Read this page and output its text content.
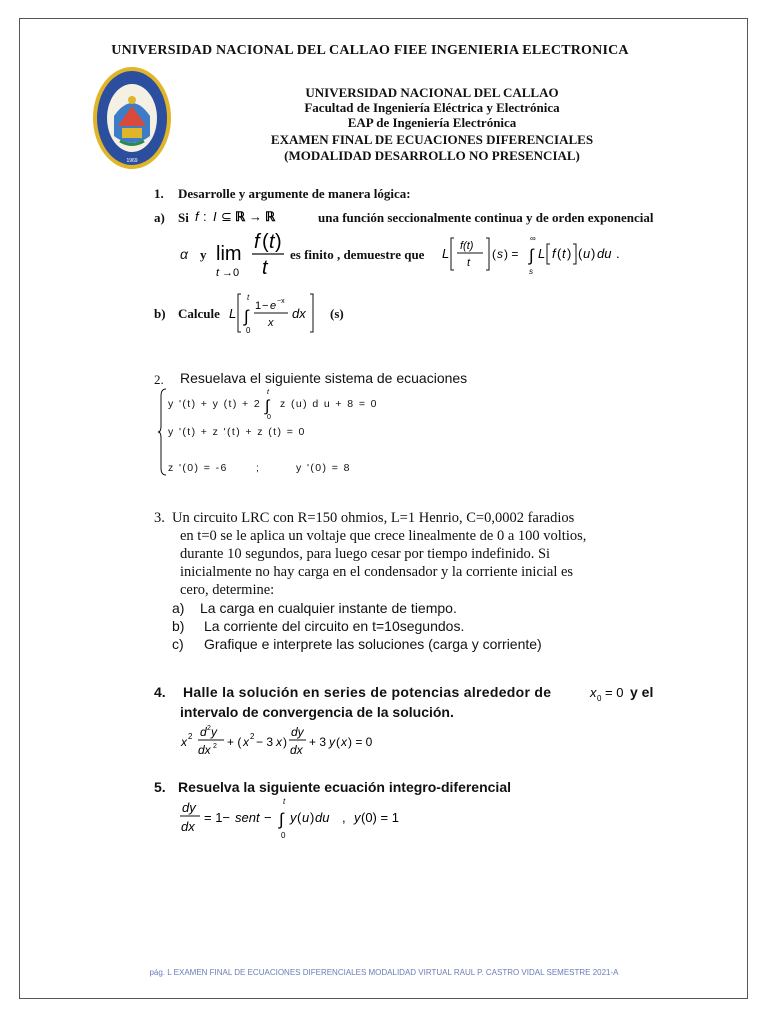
UNIVERSIDAD NACIONAL DEL CALLAO FIEE INGENIERIA ELECTRONICA
1969
UNIVERSIDAD NACIONAL DEL CALLAO
Facultad de Ingeniería Eléctrica y Electrónica
EAP de Ingeniería Electrónica
EXAMEN FINAL DE ECUACIONES DIFERENCIALES
(MODALIDAD DESARROLLO NO PRESENCIAL)
1. Desarrolle y argumente de manera lógica:
a) Si f : I ⊆ ℝ → ℝ	una función seccionalmente continua y de orden exponencial
α y lim
t →0
f ( t )
t
es finito , demuestre que L f(t)
t
( s ) =
∞
∫
s
L f ( t ) ( u ) du .
b) Calcule L
t
∫
0
1 − e −x
x
dx (s)
2. Resuelava el siguiente sistema de ecuaciones
y '(t) + y (t) + 2
t
∫
0
z (u) d u + 8 = 0
y '(t) + z '(t) + z (t) = 0
z '(0) = -6	;	y '(0) = 8
3. Un circuito LRC con R=150 ohmios, L=1 Henrio, C=0,0002 faradios
en t=0 se le aplica un voltaje que crece linealmente de 0 a 100 voltios,
durante 10 segundos, para luego cesar por tiempo indefinido. Si
inicialmente no hay carga en el condensador y la corriente inicial es
cero, determine:
a) La carga en cualquier instante de tiempo.
b) La corriente del circuito en t=10segundos.
c) Grafique e interprete las soluciones (carga y corriente)
4. Halle la solución en series de potencias alrededor de	x 0 = 0 y el
intervalo de convergencia de la solución.
x 2 d 2 y
dx 2 + ( x 2 − 3 x )
dy
dx
+ 3 y ( x ) = 0
5. Resuelva la siguiente ecuación integro-diferencial
dy
dx
= 1− sent −
t
∫
0
y ( u ) du , y (0) = 1
pág. L EXAMEN FINAL DE ECUACIONES DIFERENCIALES MODALIDAD VIRTUAL RAUL P. CASTRO VIDAL SEMESTRE 2021-A
